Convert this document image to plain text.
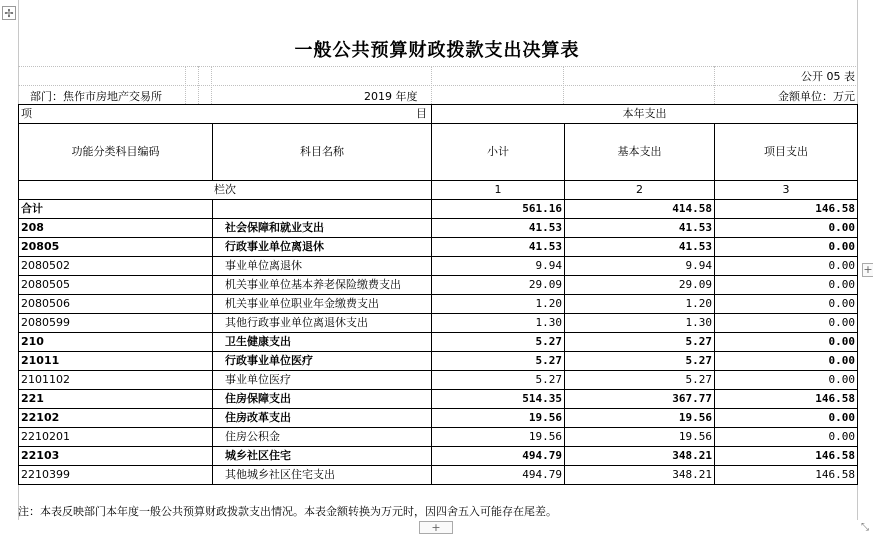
✢
+
+	⤡
一般公共预算财政拨款支出决算表
公开 05 表
部门：焦作市房地产交易所	2019 年度	金额单位：万元
项 目		本年支出		
功能分类科目编码	科目名称	小计	基本支出	项目支出
栏次		1	2	3
合计		561.16	414.58	146.58
208	社会保障和就业支出	41.53	41.53	0.00
20805	行政事业单位离退休	41.53	41.53	0.00
2080502	事业单位离退休	9.94	9.94	0.00
2080505	机关事业单位基本养老保险缴费支出	29.09	29.09	0.00
2080506	机关事业单位职业年金缴费支出	1.20	1.20	0.00
2080599	其他行政事业单位离退休支出	1.30	1.30	0.00
210	卫生健康支出	5.27	5.27	0.00
21011	行政事业单位医疗	5.27	5.27	0.00
2101102	事业单位医疗	5.27	5.27	0.00
221	住房保障支出	514.35	367.77	146.58
22102	住房改革支出	19.56	19.56	0.00
2210201	住房公积金	19.56	19.56	0.00
22103	城乡社区住宅	494.79	348.21	146.58
2210399	其他城乡社区住宅支出	494.79	348.21	146.58
注：本表反映部门本年度一般公共预算财政拨款支出情况。本表金额转换为万元时，因四舍五入可能存在尾差。
